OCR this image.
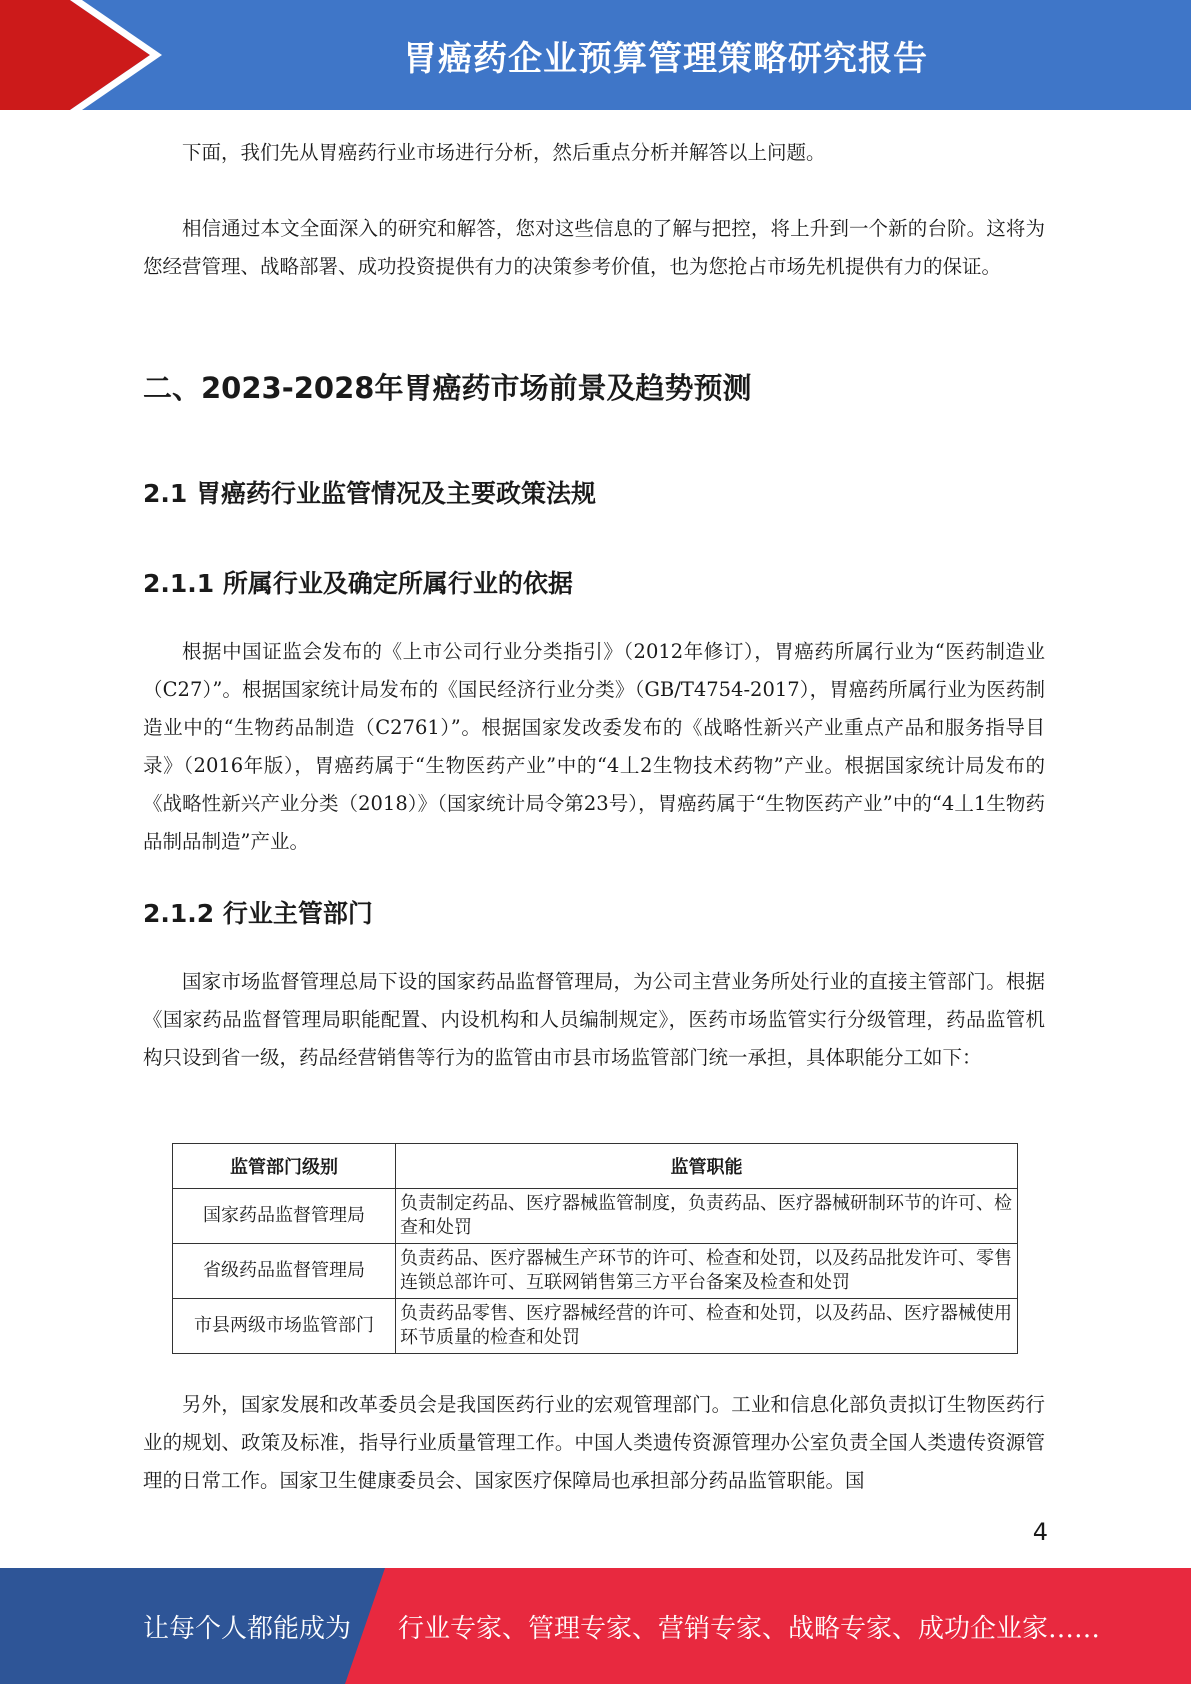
胃癌药企业预算管理策略研究报告

下面，我们先从胃癌药行业市场进行分析，然后重点分析并解答以上问题。

相信通过本文全面深入的研究和解答，您对这些信息的了解与把控，将上升到一个新的台阶。这将为您经营管理、战略部署、成功投资提供有力的决策参考价值，也为您抢占市场先机提供有力的保证。

二、2023-2028年胃癌药市场前景及趋势预测
2.1 胃癌药行业监管情况及主要政策法规
2.1.1 所属行业及确定所属行业的依据

根据中国证监会发布的《上市公司行业分类指引》（2012年修订），胃癌药所属行业为“医药制造业（C27）”。根据国家统计局发布的《国民经济行业分类》（GB/T4754-2017），胃癌药所属行业为医药制造业中的“生物药品制造（C2761）”。根据国家发改委发布的《战略性新兴产业重点产品和服务指导目录》（2016年版），胃癌药属于“生物医药产业”中的“4丄2生物技术药物”产业。根据国家统计局发布的《战略性新兴产业分类（2018）》（国家统计局令第23号），胃癌药属于“生物医药产业”中的“4丄1生物药品制品制造”产业。

2.1.2 行业主管部门

国家市场监督管理总局下设的国家药品监督管理局，为公司主营业务所处行业的直接主管部门。根据《国家药品监督管理局职能配置、内设机构和人员编制规定》，医药市场监管实行分级管理，药品监管机构只设到省一级，药品经营销售等行为的监管由市县市场监管部门统一承担，具体职能分工如下：

另外，国家发展和改革委员会是我国医药行业的宏观管理部门。工业和信息化部负责拟订生物医药行业的规划、政策及标准，指导行业质量管理工作。中国人类遗传资源管理办公室负责全国人类遗传资源管理的日常工作。国家卫生健康委员会、国家医疗保障局也承担部分药品监管职能。国

监管部门级别	监管职能
国家药品监督管理局	负责制定药品、医疗器械监管制度，负责药品、医疗器械研制环节的许可、检查和处罚
省级药品监督管理局	负责药品、医疗器械生产环节的许可、检查和处罚，以及药品批发许可、零售连锁总部许可、互联网销售第三方平台备案及检查和处罚
市县两级市场监管部门	负责药品零售、医疗器械经营的许可、检查和处罚，以及药品、医疗器械使用环节质量的检查和处罚
4
让每个人都能成为 行业专家、管理专家、营销专家、战略专家、成功企业家……
